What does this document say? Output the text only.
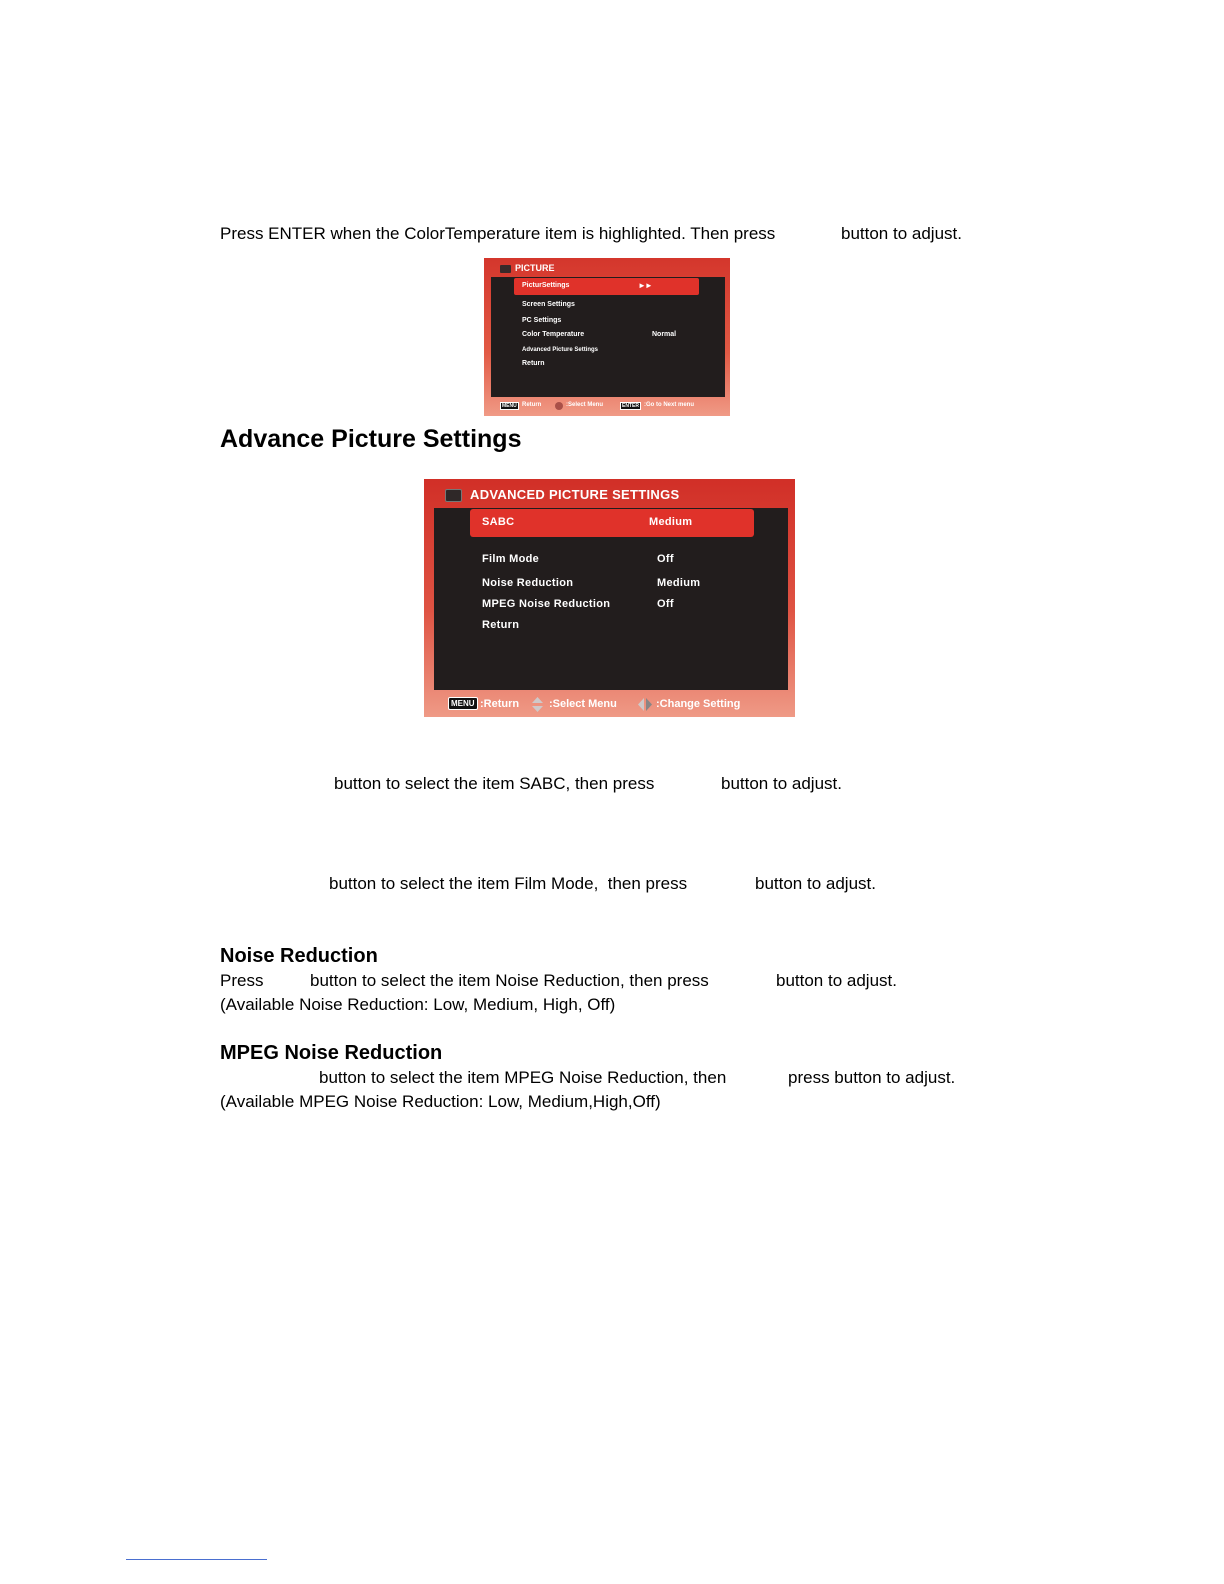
Press ENTER when the ColorTemperature item is highlighted. Then press	button to adjust.
PICTURE
PicturSettings	►►
Screen Settings
PC Settings
Color Temperature	Normal
Advanced Picture Settings
Return
MENU Return	:Select Menu	ENTER :Go to Next menu
Advance Picture Settings
ADVANCED PICTURE SETTINGS
SABC	Medium
Film Mode	Off
Noise Reduction	Medium
MPEG Noise Reduction	Off
Return
MENU :Return	:Select Menu	:Change Setting
button to select the item SABC, then press	button to adjust.
button to select the item Film Mode,  then press	button to adjust.
Noise Reduction
Press	button to select the item Noise Reduction, then press	button to adjust.
(Available Noise Reduction: Low, Medium, High, Off)
MPEG Noise Reduction
button to select the item MPEG Noise Reduction, then	press button to adjust.
(Available MPEG Noise Reduction: Low, Medium,High,Off)
